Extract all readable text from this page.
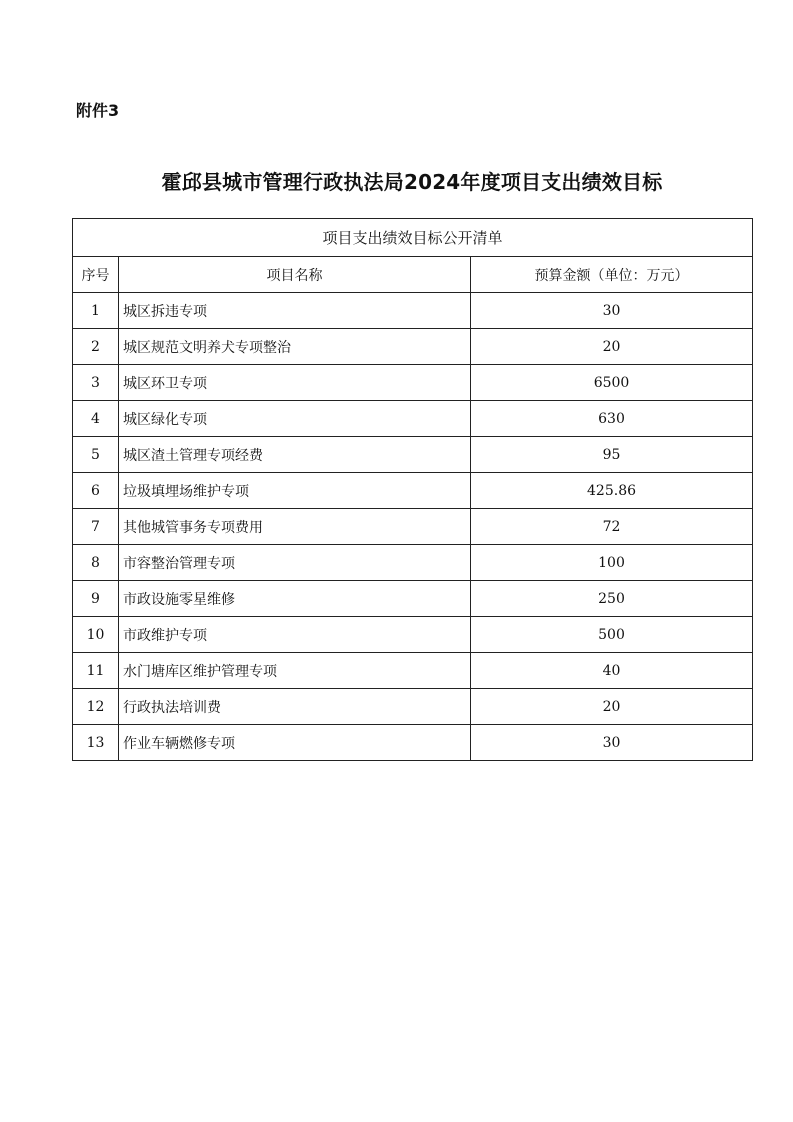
附件3
霍邱县城市管理行政执法局2024年度项目支出绩效目标
项目支出绩效目标公开清单		
序号	项目名称	预算金额（单位：万元）
1	城区拆违专项	30
2	城区规范文明养犬专项整治	20
3	城区环卫专项	6500
4	城区绿化专项	630
5	城区渣土管理专项经费	95
6	垃圾填埋场维护专项	425.86
7	其他城管事务专项费用	72
8	市容整治管理专项	100
9	市政设施零星维修	250
10	市政维护专项	500
11	水门塘库区维护管理专项	40
12	行政执法培训费	20
13	作业车辆燃修专项	30
